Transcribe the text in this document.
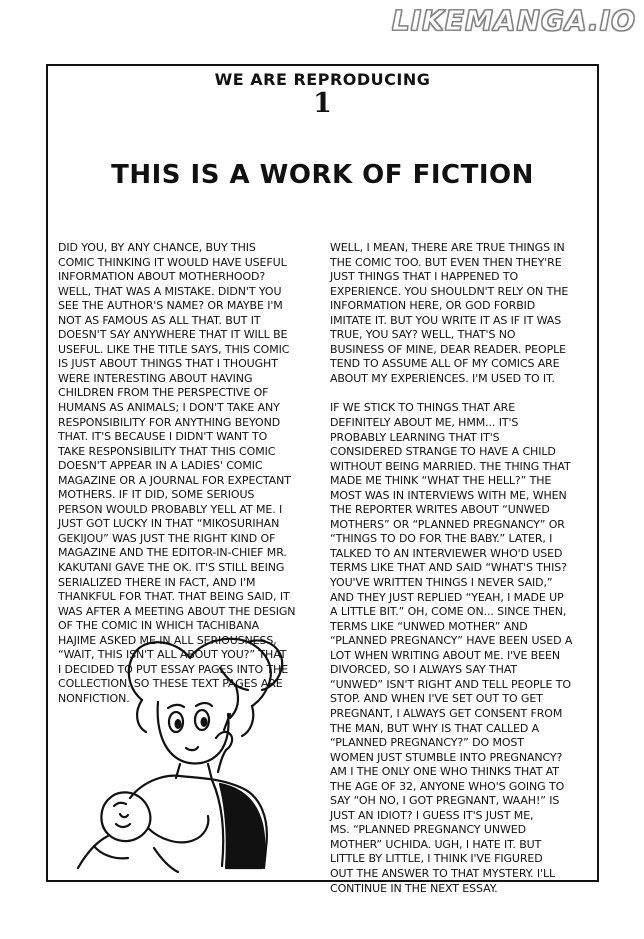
LIKEMANGA.IO
WE ARE REPRODUCING
1
THIS IS A WORK OF FICTION

DID YOU, BY ANY CHANCE, BUY THIS
COMIC THINKING IT WOULD HAVE USEFUL
INFORMATION ABOUT MOTHERHOOD?
WELL, THAT WAS A MISTAKE. DIDN'T YOU
SEE THE AUTHOR'S NAME? OR MAYBE I'M
NOT AS FAMOUS AS ALL THAT. BUT IT
DOESN'T SAY ANYWHERE THAT IT WILL BE
USEFUL. LIKE THE TITLE SAYS, THIS COMIC
IS JUST ABOUT THINGS THAT I THOUGHT
WERE INTERESTING ABOUT HAVING
CHILDREN FROM THE PERSPECTIVE OF
HUMANS AS ANIMALS; I DON'T TAKE ANY
RESPONSIBILITY FOR ANYTHING BEYOND
THAT. IT'S BECAUSE I DIDN'T WANT TO
TAKE RESPONSIBILITY THAT THIS COMIC
DOESN'T APPEAR IN A LADIES' COMIC
MAGAZINE OR A JOURNAL FOR EXPECTANT
MOTHERS. IF IT DID, SOME SERIOUS
PERSON WOULD PROBABLY YELL AT ME. I
JUST GOT LUCKY IN THAT “MIKOSURIHAN
GEKIJOU” WAS JUST THE RIGHT KIND OF
MAGAZINE AND THE EDITOR-IN-CHIEF MR.
KAKUTANI GAVE THE OK. IT'S STILL BEING
SERIALIZED THERE IN FACT, AND I'M
THANKFUL FOR THAT. THAT BEING SAID, IT
WAS AFTER A MEETING ABOUT THE DESIGN
OF THE COMIC IN WHICH TACHIBANA
HAJIME ASKED ME IN ALL SERIOUSNESS,
“WAIT, THIS ISN'T ALL ABOUT YOU?” THAT
I DECIDED TO PUT ESSAY PAGES INTO THE
COLLECTION. SO THESE TEXT PAGES ARE
NONFICTION.

WELL, I MEAN, THERE ARE TRUE THINGS IN
THE COMIC TOO. BUT EVEN THEN THEY'RE
JUST THINGS THAT I HAPPENED TO
EXPERIENCE. YOU SHOULDN'T RELY ON THE
INFORMATION HERE, OR GOD FORBID
IMITATE IT. BUT YOU WRITE IT AS IF IT WAS
TRUE, YOU SAY? WELL, THAT'S NO
BUSINESS OF MINE, DEAR READER. PEOPLE
TEND TO ASSUME ALL OF MY COMICS ARE
ABOUT MY EXPERIENCES. I'M USED TO IT.

IF WE STICK TO THINGS THAT ARE
DEFINITELY ABOUT ME, HMM... IT'S
PROBABLY LEARNING THAT IT'S
CONSIDERED STRANGE TO HAVE A CHILD
WITHOUT BEING MARRIED. THE THING THAT
MADE ME THINK “WHAT THE HELL?” THE
MOST WAS IN INTERVIEWS WITH ME, WHEN
THE REPORTER WRITES ABOUT “UNWED
MOTHERS” OR “PLANNED PREGNANCY” OR
“THINGS TO DO FOR THE BABY.” LATER, I
TALKED TO AN INTERVIEWER WHO'D USED
TERMS LIKE THAT AND SAID “WHAT'S THIS?
YOU'VE WRITTEN THINGS I NEVER SAID,”
AND THEY JUST REPLIED “YEAH, I MADE UP
A LITTLE BIT.” OH, COME ON... SINCE THEN,
TERMS LIKE “UNWED MOTHER” AND
“PLANNED PREGNANCY” HAVE BEEN USED A
LOT WHEN WRITING ABOUT ME. I'VE BEEN
DIVORCED, SO I ALWAYS SAY THAT
“UNWED” ISN'T RIGHT AND TELL PEOPLE TO
STOP. AND WHEN I'VE SET OUT TO GET
PREGNANT, I ALWAYS GET CONSENT FROM
THE MAN, BUT WHY IS THAT CALLED A
“PLANNED PREGNANCY?” DO MOST
WOMEN JUST STUMBLE INTO PREGNANCY?
AM I THE ONLY ONE WHO THINKS THAT AT
THE AGE OF 32, ANYONE WHO'S GOING TO
SAY “OH NO, I GOT PREGNANT, WAAH!” IS
JUST AN IDIOT? I GUESS IT'S JUST ME,
MS. “PLANNED PREGNANCY UNWED
MOTHER” UCHIDA. UGH, I HATE IT. BUT
LITTLE BY LITTLE, I THINK I'VE FIGURED
OUT THE ANSWER TO THAT MYSTERY. I'LL
CONTINUE IN THE NEXT ESSAY.
